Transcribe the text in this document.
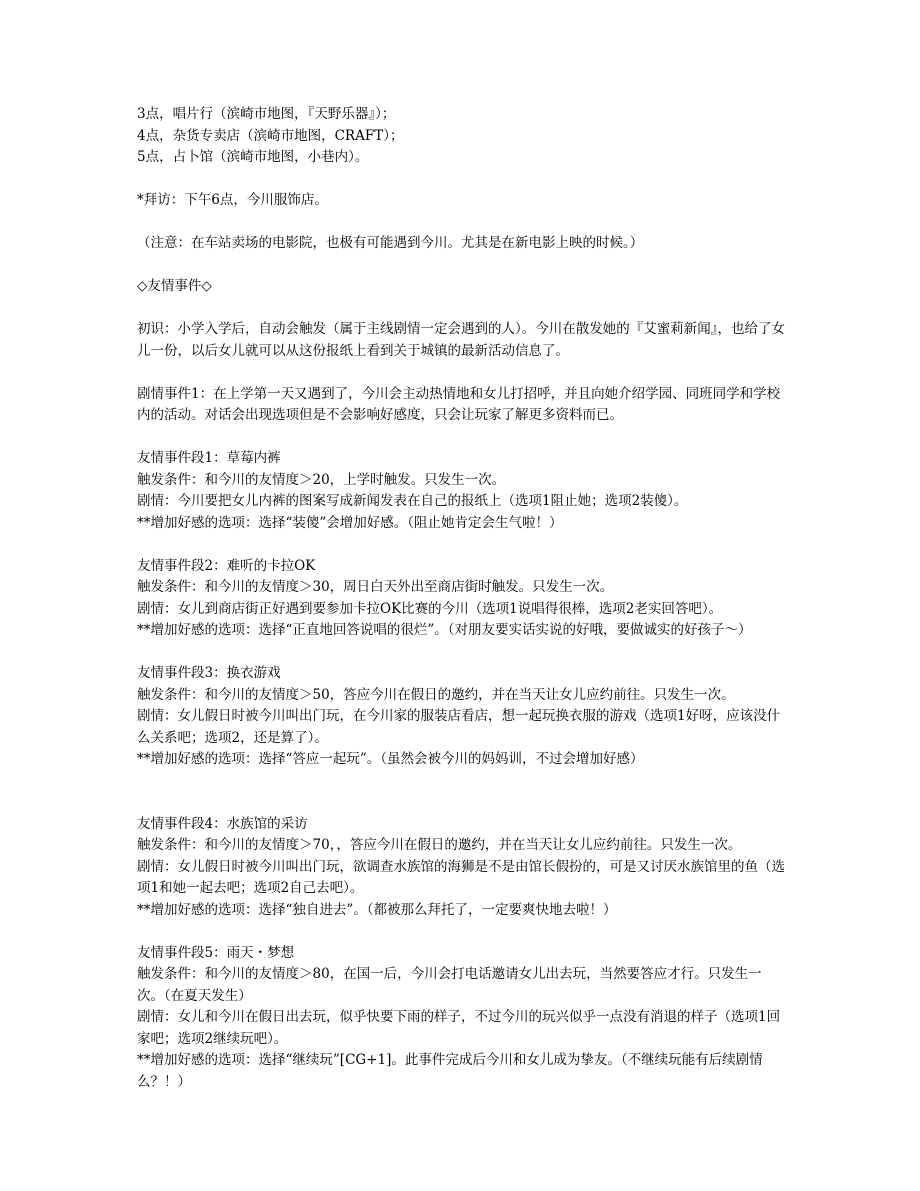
3点，唱片行（滨崎市地图，『天野乐器』）；
4点，杂货专卖店（滨崎市地图，CRAFT）；
5点，占卜馆（滨崎市地图，小巷内）。
*拜访：下午6点，今川服饰店。
（注意：在车站卖场的电影院，也极有可能遇到今川。尤其是在新电影上映的时候。）
◇友情事件◇
初识：小学入学后，自动会触发（属于主线剧情一定会遇到的人）。今川在散发她的『艾蜜莉新闻』，也给了女儿一份，以后女儿就可以从这份报纸上看到关于城镇的最新活动信息了。
剧情事件1：在上学第一天又遇到了，今川会主动热情地和女儿打招呼，并且向她介绍学园、同班同学和学校内的活动。对话会出现选项但是不会影响好感度，只会让玩家了解更多资料而已。
友情事件段1：草莓内裤
触发条件：和今川的友情度＞20，上学时触发。只发生一次。
剧情：今川要把女儿内裤的图案写成新闻发表在自己的报纸上（选项1阻止她；选项2装傻）。
**增加好感的选项：选择“装傻”会增加好感。（阻止她肯定会生气啦！）
友情事件段2：难听的卡拉OK
触发条件：和今川的友情度＞30，周日白天外出至商店街时触发。只发生一次。
剧情：女儿到商店街正好遇到要参加卡拉OK比赛的今川（选项1说唱得很棒，选项2老实回答吧）。
**增加好感的选项：选择“正直地回答说唱的很烂”。（对朋友要实话实说的好哦，要做诚实的好孩子～）
友情事件段3：换衣游戏
触发条件：和今川的友情度＞50，答应今川在假日的邀约，并在当天让女儿应约前往。只发生一次。
剧情：女儿假日时被今川叫出门玩，在今川家的服装店看店，想一起玩换衣服的游戏（选项1好呀，应该没什么关系吧；选项2，还是算了）。
**增加好感的选项：选择“答应一起玩”。（虽然会被今川的妈妈训，不过会增加好感）
友情事件段4：水族馆的采访
触发条件：和今川的友情度＞70，，答应今川在假日的邀约，并在当天让女儿应约前往。只发生一次。
剧情：女儿假日时被今川叫出门玩，欲调查水族馆的海狮是不是由馆长假扮的，可是又讨厌水族馆里的鱼（选项1和她一起去吧；选项2自己去吧）。
**增加好感的选项：选择“独自进去”。（都被那么拜托了，一定要爽快地去啦！）
友情事件段5：雨天・梦想
触发条件：和今川的友情度＞80，在国一后，今川会打电话邀请女儿出去玩，当然要答应才行。只发生一次。（在夏天发生）
剧情：女儿和今川在假日出去玩，似乎快要下雨的样子，不过今川的玩兴似乎一点没有消退的样子（选项1回家吧；选项2继续玩吧）。
**增加好感的选项：选择“继续玩”[CG+1]。此事件完成后今川和女儿成为挚友。（不继续玩能有后续剧情么？！）
